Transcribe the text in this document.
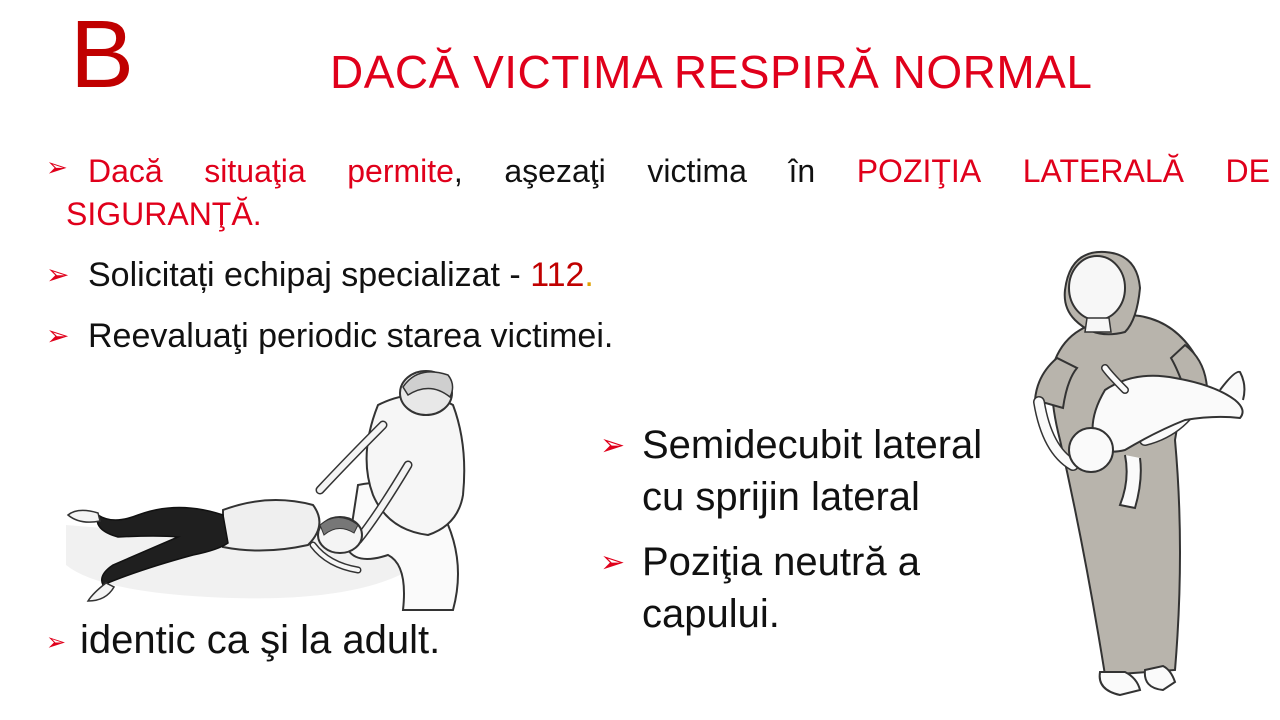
B	DACĂ VICTIMA RESPIRĂ NORMAL
➢ Dacă situaţia permite, aşezaţi victima în POZIŢIA LATERALĂ DE
SIGURANŢĂ.
➢ Solicitați echipaj specializat - 112.
➢ Reevaluaţi periodic starea victimei.
➢ Semidecubit lateral
cu sprijin lateral
➢ Poziţia neutră a
capului.
➢ identic ca şi la adult.
